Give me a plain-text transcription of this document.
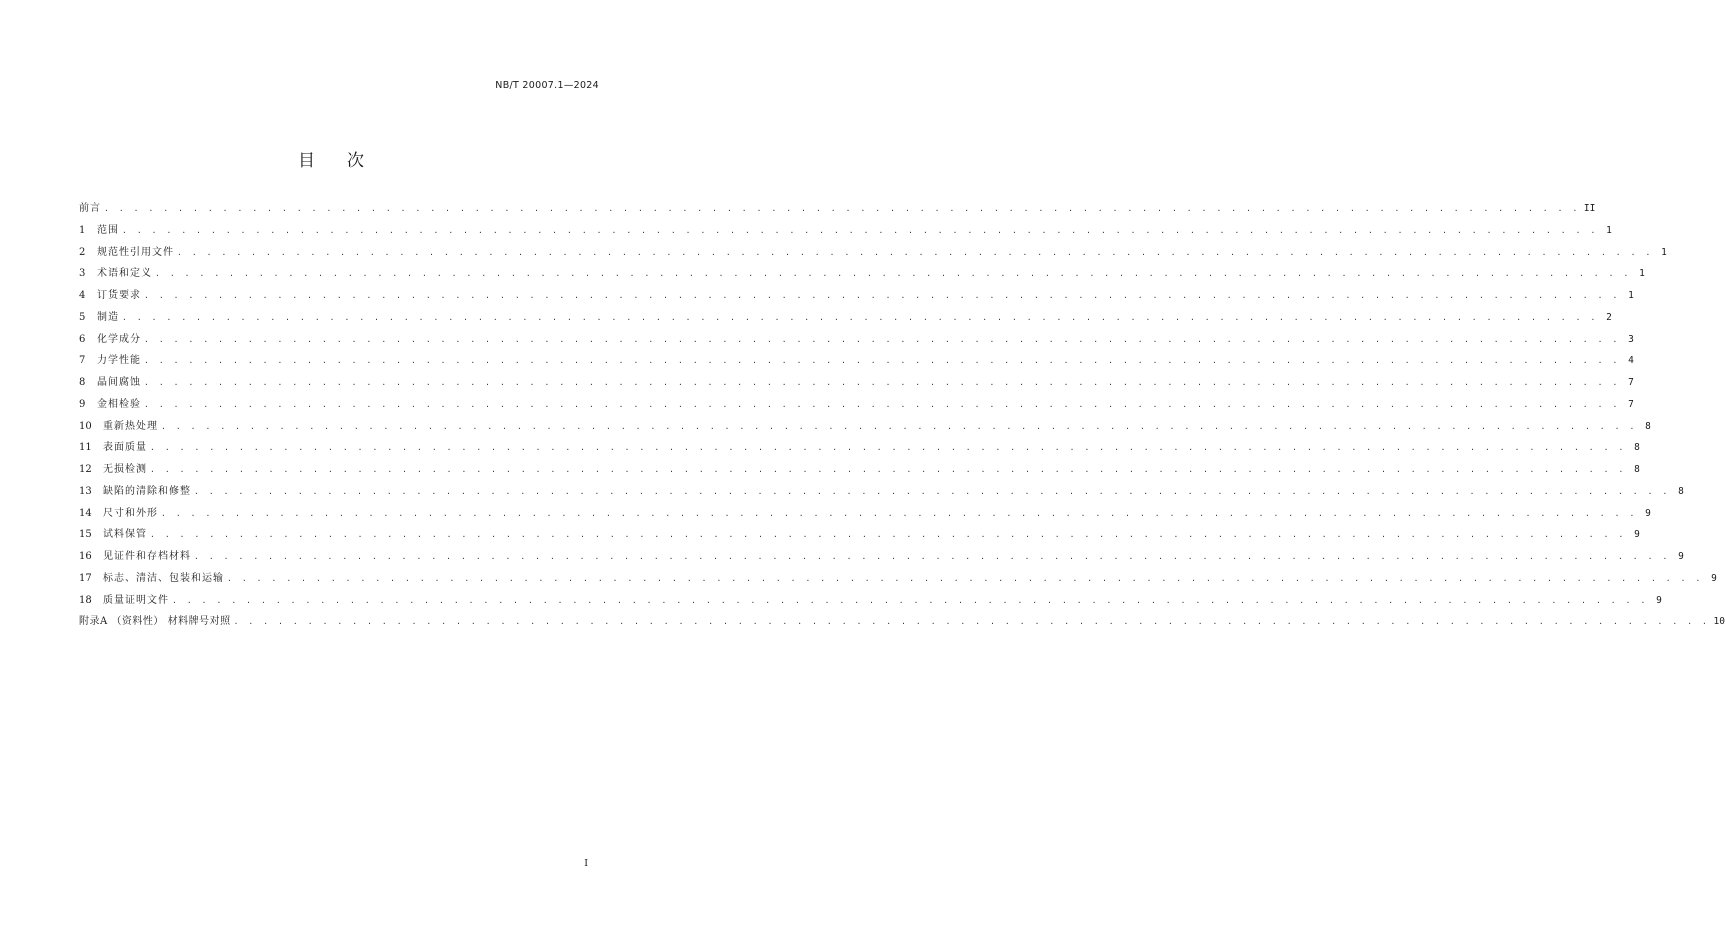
NB/T 20007.1—2024
目次
前言 . . . . . . . . . . . . . . . . . . . . . . . . . . . . . . . . . . . . . . . . . . . . . . . . . . . . . . . . . . . . . . . . . . . . . . . . . . . . . . . . . . . . . . . . . . . . . . . . . . . . II
1	范围 . . . . . . . . . . . . . . . . . . . . . . . . . . . . . . . . . . . . . . . . . . . . . . . . . . . . . . . . . . . . . . . . . . . . . . . . . . . . . . . . . . . . . . . . . . . . . . . . . . . . 1
2	规范性引用文件 . . . . . . . . . . . . . . . . . . . . . . . . . . . . . . . . . . . . . . . . . . . . . . . . . . . . . . . . . . . . . . . . . . . . . . . . . . . . . . . . . . . . . . . . . . . . . . . . . . . . 1
3	术语和定义 . . . . . . . . . . . . . . . . . . . . . . . . . . . . . . . . . . . . . . . . . . . . . . . . . . . . . . . . . . . . . . . . . . . . . . . . . . . . . . . . . . . . . . . . . . . . . . . . . . . . 1
4	订货要求 . . . . . . . . . . . . . . . . . . . . . . . . . . . . . . . . . . . . . . . . . . . . . . . . . . . . . . . . . . . . . . . . . . . . . . . . . . . . . . . . . . . . . . . . . . . . . . . . . . . . 1
5	制造 . . . . . . . . . . . . . . . . . . . . . . . . . . . . . . . . . . . . . . . . . . . . . . . . . . . . . . . . . . . . . . . . . . . . . . . . . . . . . . . . . . . . . . . . . . . . . . . . . . . . 2
6	化学成分 . . . . . . . . . . . . . . . . . . . . . . . . . . . . . . . . . . . . . . . . . . . . . . . . . . . . . . . . . . . . . . . . . . . . . . . . . . . . . . . . . . . . . . . . . . . . . . . . . . . . 3
7	力学性能 . . . . . . . . . . . . . . . . . . . . . . . . . . . . . . . . . . . . . . . . . . . . . . . . . . . . . . . . . . . . . . . . . . . . . . . . . . . . . . . . . . . . . . . . . . . . . . . . . . . . 4
8	晶间腐蚀 . . . . . . . . . . . . . . . . . . . . . . . . . . . . . . . . . . . . . . . . . . . . . . . . . . . . . . . . . . . . . . . . . . . . . . . . . . . . . . . . . . . . . . . . . . . . . . . . . . . . 7
9	金相检验 . . . . . . . . . . . . . . . . . . . . . . . . . . . . . . . . . . . . . . . . . . . . . . . . . . . . . . . . . . . . . . . . . . . . . . . . . . . . . . . . . . . . . . . . . . . . . . . . . . . . 7
10	重新热处理 . . . . . . . . . . . . . . . . . . . . . . . . . . . . . . . . . . . . . . . . . . . . . . . . . . . . . . . . . . . . . . . . . . . . . . . . . . . . . . . . . . . . . . . . . . . . . . . . . . . . 8
11	表面质量 . . . . . . . . . . . . . . . . . . . . . . . . . . . . . . . . . . . . . . . . . . . . . . . . . . . . . . . . . . . . . . . . . . . . . . . . . . . . . . . . . . . . . . . . . . . . . . . . . . . . 8
12	无损检测 . . . . . . . . . . . . . . . . . . . . . . . . . . . . . . . . . . . . . . . . . . . . . . . . . . . . . . . . . . . . . . . . . . . . . . . . . . . . . . . . . . . . . . . . . . . . . . . . . . . . 8
13	缺陷的清除和修整 . . . . . . . . . . . . . . . . . . . . . . . . . . . . . . . . . . . . . . . . . . . . . . . . . . . . . . . . . . . . . . . . . . . . . . . . . . . . . . . . . . . . . . . . . . . . . . . . . . . . 8
14	尺寸和外形 . . . . . . . . . . . . . . . . . . . . . . . . . . . . . . . . . . . . . . . . . . . . . . . . . . . . . . . . . . . . . . . . . . . . . . . . . . . . . . . . . . . . . . . . . . . . . . . . . . . . 9
15	试料保管 . . . . . . . . . . . . . . . . . . . . . . . . . . . . . . . . . . . . . . . . . . . . . . . . . . . . . . . . . . . . . . . . . . . . . . . . . . . . . . . . . . . . . . . . . . . . . . . . . . . . 9
16	见证件和存档材料 . . . . . . . . . . . . . . . . . . . . . . . . . . . . . . . . . . . . . . . . . . . . . . . . . . . . . . . . . . . . . . . . . . . . . . . . . . . . . . . . . . . . . . . . . . . . . . . . . . . . 9
17	标志、清洁、包装和运输 . . . . . . . . . . . . . . . . . . . . . . . . . . . . . . . . . . . . . . . . . . . . . . . . . . . . . . . . . . . . . . . . . . . . . . . . . . . . . . . . . . . . . . . . . . . . . . . . . . . . 9
18	质量证明文件 . . . . . . . . . . . . . . . . . . . . . . . . . . . . . . . . . . . . . . . . . . . . . . . . . . . . . . . . . . . . . . . . . . . . . . . . . . . . . . . . . . . . . . . . . . . . . . . . . . . . 9
附录A （资料性） 材料牌号对照 . . . . . . . . . . . . . . . . . . . . . . . . . . . . . . . . . . . . . . . . . . . . . . . . . . . . . . . . . . . . . . . . . . . . . . . . . . . . . . . . . . . . . . . . . . . . . . . . . . . . 10
I
